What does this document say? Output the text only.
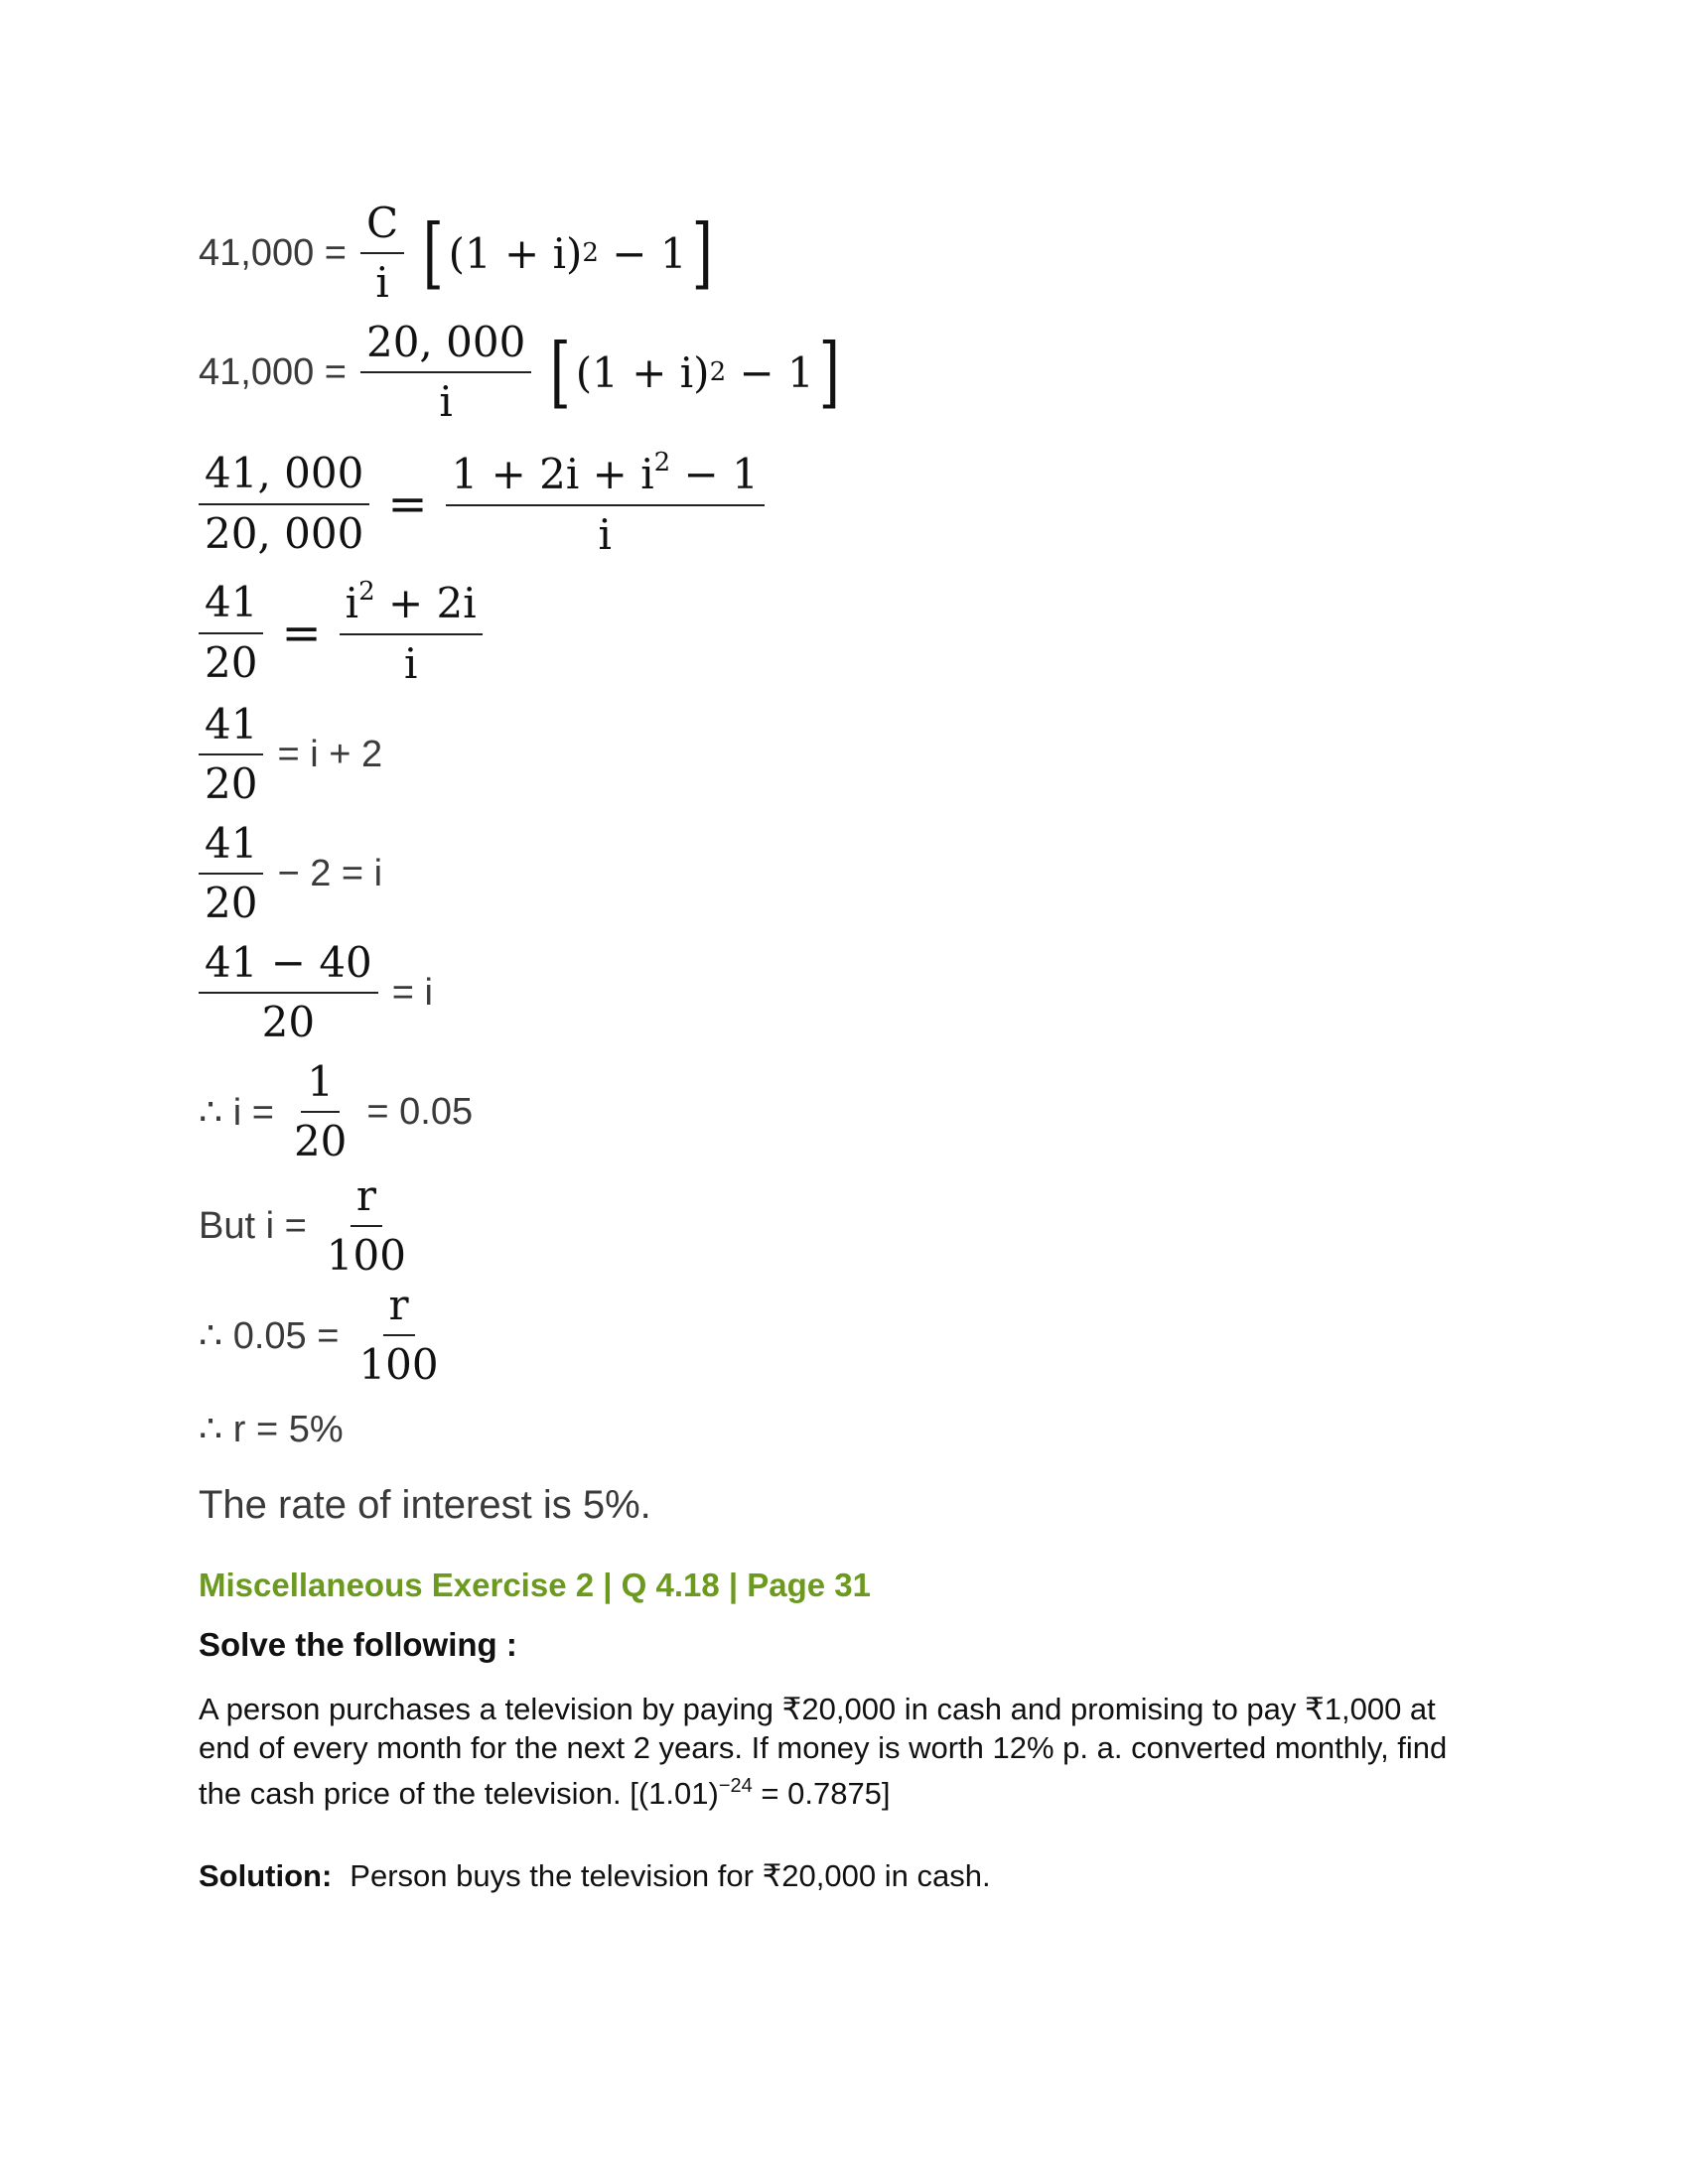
$41,000 = \frac{C}{i}$ [ (1 + i) 2
− 1 ]
$41,000 = \frac{20, 000}{i}$ [ (1 + i) 2
− 1 ]
$\frac{41, 000}{20, 000} = \frac{1 + 2i + i^2 - 1}{i}$
$\frac{41}{20} = \frac{i^2 + 2i}{i}$
$\frac{41}{20} = i + 2$
$\frac{41}{20} - 2 = i$
$\frac{41 - 40}{20} = i$
∴ $i = \frac{1}{20} = 0.05$
But $i = \frac{r}{100}$
∴ $0.05 = \frac{r}{100}$
∴ r = 5%
The rate of interest is 5%.
Miscellaneous Exercise 2 | Q 4.18 | Page 31
Solve the following :
A person purchases a television by paying ₹20,000 in cash and promising to pay ₹1,000 at end of every month for the next 2 years. If money is worth 12% p. a. converted monthly, find the cash price of the television. $[(1.01)^{-24} = 0.7875]$
Solution: Person buys the television for ₹20,000 in cash.
